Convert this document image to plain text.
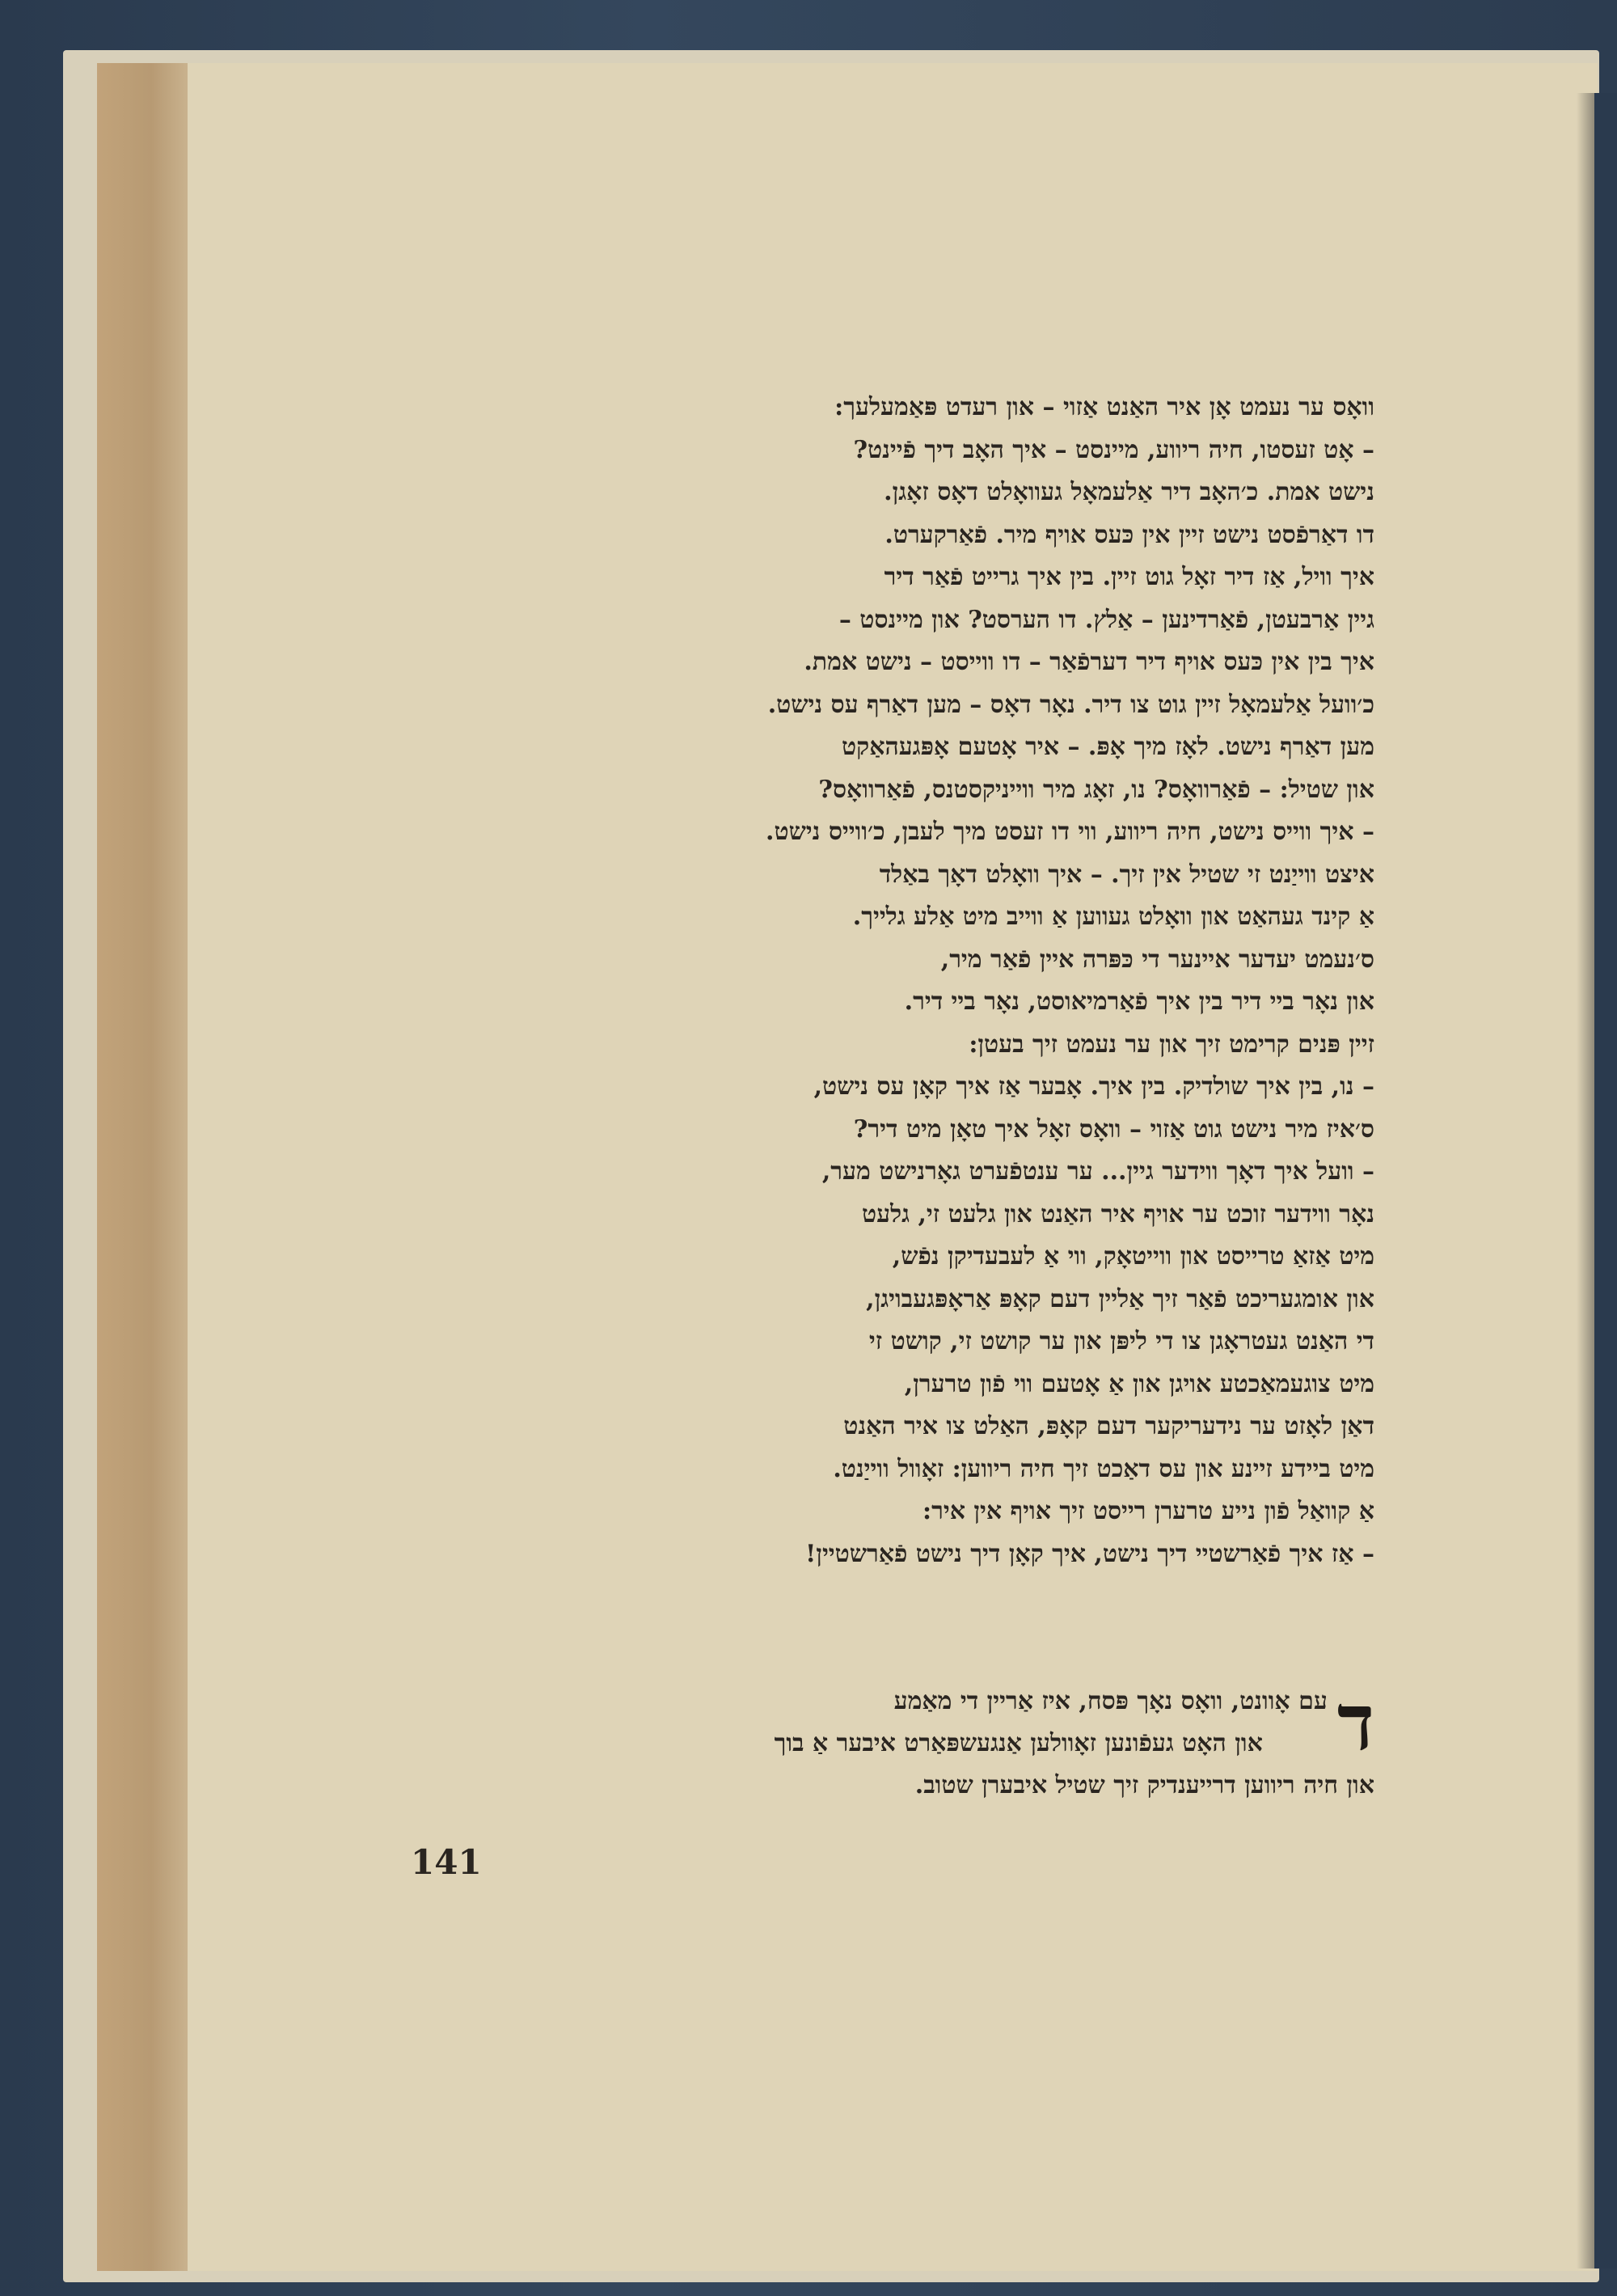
וואָס ער נעמט אָן איר האַנט אַזוי – און רעדט פּאַמעלעך:
– אָט זעסטו, חיה ריווע, מיינסט – איך האָב דיך פֿיינט?
נישט אמת. כ׳האָב דיר אַלעמאָל געוואָלט דאָס זאָגן.
דו דאַרפֿסט נישט זיין אין כּעס אויף מיר. פֿאַרקערט.
איך וויל, אַז דיר זאָל גוט זיין. בין איך גרייט פֿאַר דיר
גיין אַרבעטן, פֿאַרדינען – אַלץ. דו הערסט? און מיינסט –
איך בין אין כּעס אויף דיר דערפֿאַר – דו ווייסט – נישט אמת.
כ׳וועל אַלעמאָל זיין גוט צו דיר. נאָר דאָס – מען דאַרף עס נישט.
מען דאַרף נישט. לאָז מיך אָפּ. – איר אָטעם אָפּגעהאַקט
און שטיל: – פֿאַרוואָס? נו, זאָג מיר ווייניקסטנס, פֿאַרוואָס?
– איך ווייס נישט, חיה ריווע, ווי דו זעסט מיך לעבן, כ׳ווייס נישט.
איצט ווייַנט זי שטיל אין זיך. – איך וואָלט דאָך באַלד
אַ קינד געהאַט און וואָלט געווען אַ ווייב מיט אַלע גלייך.
ס׳נעמט יעדער איינער די כּפּרה איין פֿאַר מיר,
און נאָר ביי דיר בין איך פֿאַרמיאוסט, נאָר ביי דיר.
זיין פּנים קרימט זיך און ער נעמט זיך בעטן:
– נו, בין איך שולדיק. בין איך. אָבער אַז איך קאָן עס נישט,
ס׳איז מיר נישט גוט אַזוי – וואָס זאָל איך טאָן מיט דיר?
– וועל איך דאָך ווידער גיין... ער ענטפֿערט גאָרנישט מער,
נאָר ווידער זוכט ער אויף איר האַנט און גלעט זי, גלעט
מיט אַזאַ טרייסט און ווייטאָק, ווי אַ לעבעדיקן נפֿש,
און אומגעריכט פֿאַר זיך אַליין דעם קאָפּ אַראָפּגעבויגן,
די האַנט געטראָגן צו די ליפּן און ער קושט זי, קושט זי
מיט צוגעמאַכטע אויגן און אַ אָטעם ווי פֿון טרערן,
דאַן לאָזט ער נידעריקער דעם קאָפּ, האַלט צו איר האַנט
מיט ביידע זיינע און עס דאַכט זיך חיה ריווען: זאָוול ווייַנט.
אַ קוואַל פֿון נייע טרערן רייסט זיך אויף אין איר:
– אַז איך פֿאַרשטיי דיך נישט, איך קאָן דיך נישט פֿאַרשטיין!
ד
עם אָוונט, וואָס נאָך פּסח, איז אַריין די מאַמע
און האָט געפֿונען זאָוולען אַנגעשפּאַרט איבער אַ בוך
און חיה ריווען דרייענדיק זיך שטיל איבערן שטוב.
141
